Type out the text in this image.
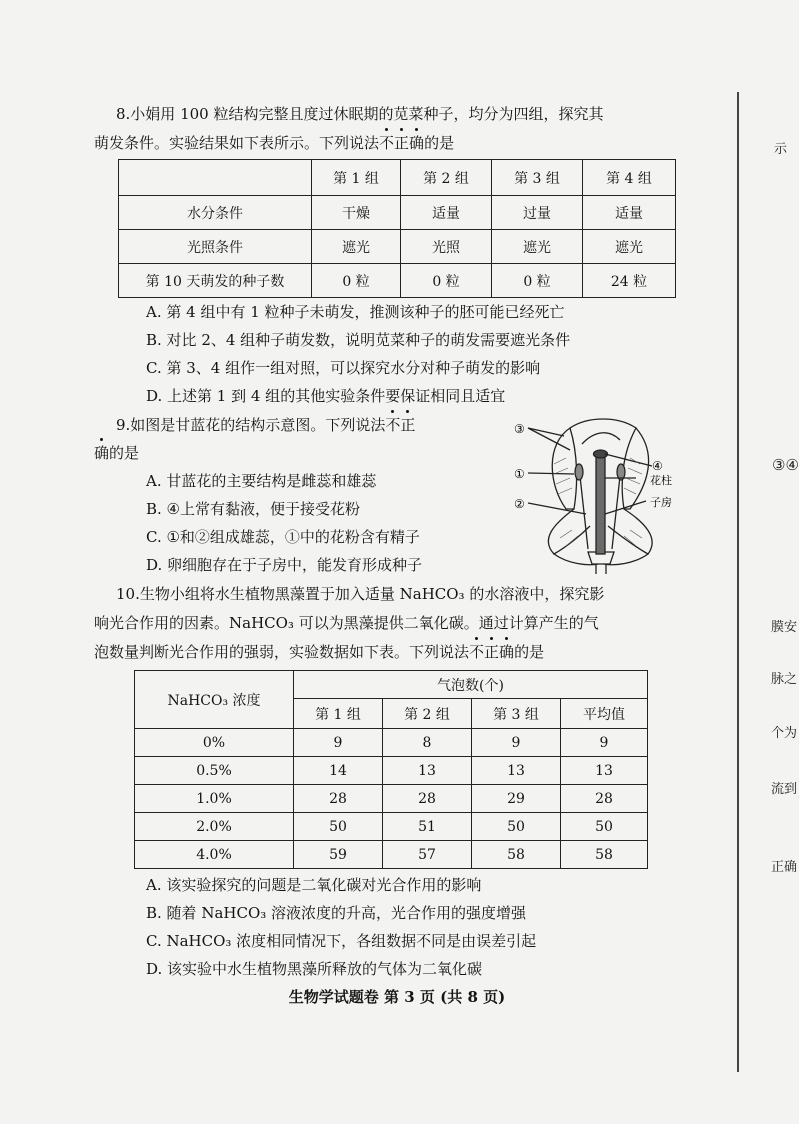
8.小娟用 100 粒结构完整且度过休眠期的苋菜种子，均分为四组，探究其
萌发条件。实验结果如下表所示。下列说法不正确的是
	第 1 组	第 2 组	第 3 组	第 4 组
水分条件	干燥	适量	过量	适量
光照条件	遮光	光照	遮光	遮光
第 10 天萌发的种子数	0 粒	0 粒	0 粒	24 粒
A. 第 4 组中有 1 粒种子未萌发，推测该种子的胚可能已经死亡
B. 对比 2、4 组种子萌发数，说明苋菜种子的萌发需要遮光条件
C. 第 3、4 组作一组对照，可以探究水分对种子萌发的影响
D. 上述第 1 到 4 组的其他实验条件要保证相同且适宜
9.如图是甘蓝花的结构示意图。下列说法不正
确的是
A. 甘蓝花的主要结构是雌蕊和雄蕊
B. ④上常有黏液，便于接受花粉
C. ①和②组成雄蕊，①中的花粉含有精子
D. 卵细胞存在于子房中，能发育形成种子
③
①
②
④
花柱
子房
10.生物小组将水生植物黑藻置于加入适量 NaHCO₃ 的水溶液中，探究影
响光合作用的因素。NaHCO₃ 可以为黑藻提供二氧化碳。通过计算产生的气
泡数量判断光合作用的强弱，实验数据如下表。下列说法不正确的是
NaHCO₃ 浓度	气泡数(个)			
	第 1 组	第 2 组	第 3 组	平均值
0%	9	8	9	9
0.5%	14	13	13	13
1.0%	28	28	29	28
2.0%	50	51	50	50
4.0%	59	57	58	58
A. 该实验探究的问题是二氧化碳对光合作用的影响
B. 随着 NaHCO₃ 溶液浓度的升高，光合作用的强度增强
C. NaHCO₃ 浓度相同情况下，各组数据不同是由误差引起
D. 该实验中水生植物黑藻所释放的气体为二氧化碳
生物学试题卷 第 3 页 (共 8 页)
示
③④
膜安
脉之
个为
流到
正确
